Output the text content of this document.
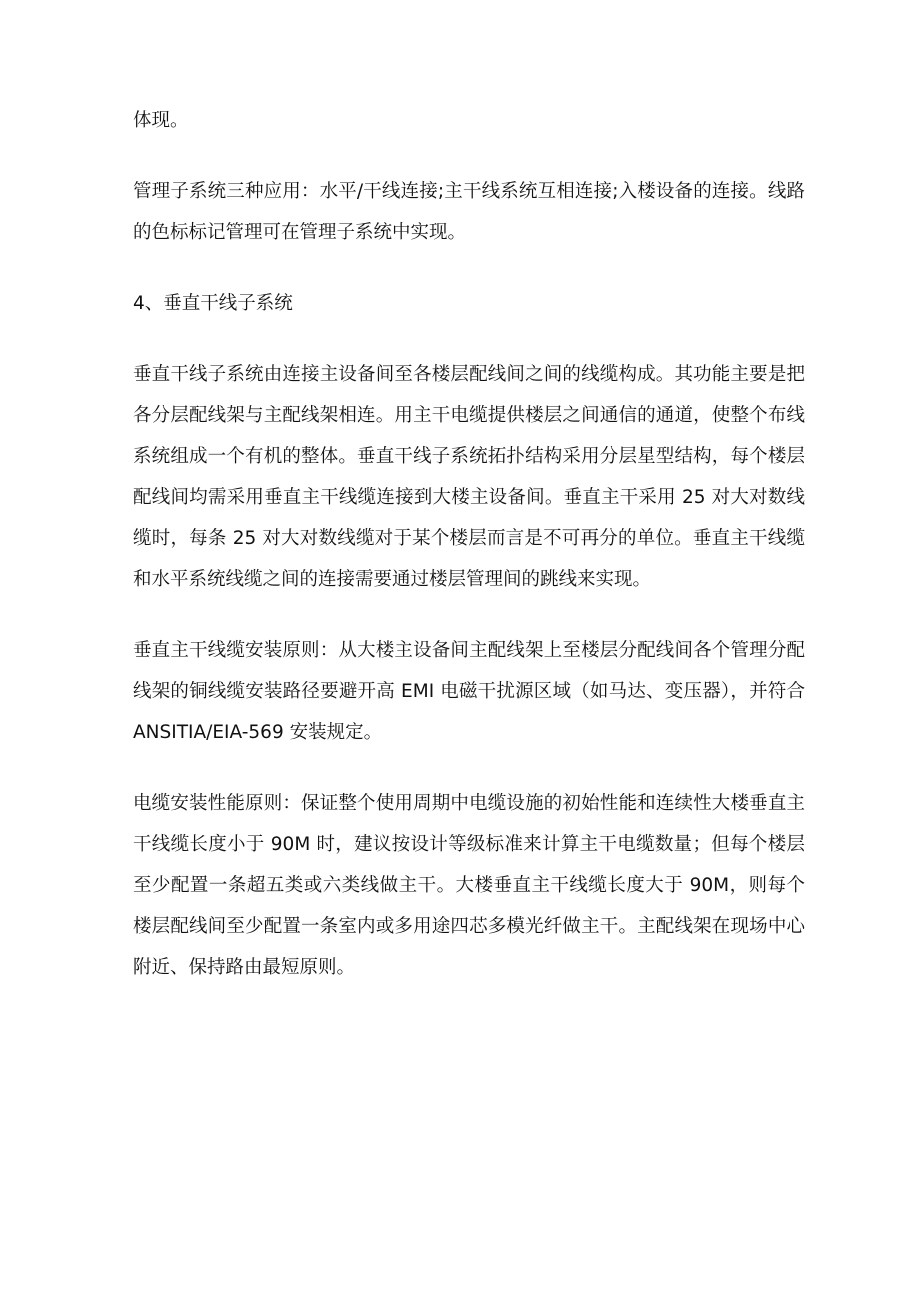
体现。

管理子系统三种应用：水平/干线连接;主干线系统互相连接;入楼设备的连接。线路的色标标记管理可在管理子系统中实现。

4、垂直干线子系统

垂直干线子系统由连接主设备间至各楼层配线间之间的线缆构成。其功能主要是把各分层配线架与主配线架相连。用主干电缆提供楼层之间通信的通道，使整个布线系统组成一个有机的整体。垂直干线子系统拓扑结构采用分层星型结构，每个楼层配线间均需采用垂直主干线缆连接到大楼主设备间。垂直主干采用 25 对大对数线缆时，每条 25 对大对数线缆对于某个楼层而言是不可再分的单位。垂直主干线缆和水平系统线缆之间的连接需要通过楼层管理间的跳线来实现。

垂直主干线缆安装原则：从大楼主设备间主配线架上至楼层分配线间各个管理分配线架的铜线缆安装路径要避开高 EMI 电磁干扰源区域（如马达、变压器），并符合 ANSITIA/EIA-569 安装规定。

电缆安装性能原则：保证整个使用周期中电缆设施的初始性能和连续性大楼垂直主干线缆长度小于 90M 时，建议按设计等级标准来计算主干电缆数量；但每个楼层至少配置一条超五类或六类线做主干。大楼垂直主干线缆长度大于 90M，则每个楼层配线间至少配置一条室内或多用途四芯多模光纤做主干。主配线架在现场中心附近、保持路由最短原则。
